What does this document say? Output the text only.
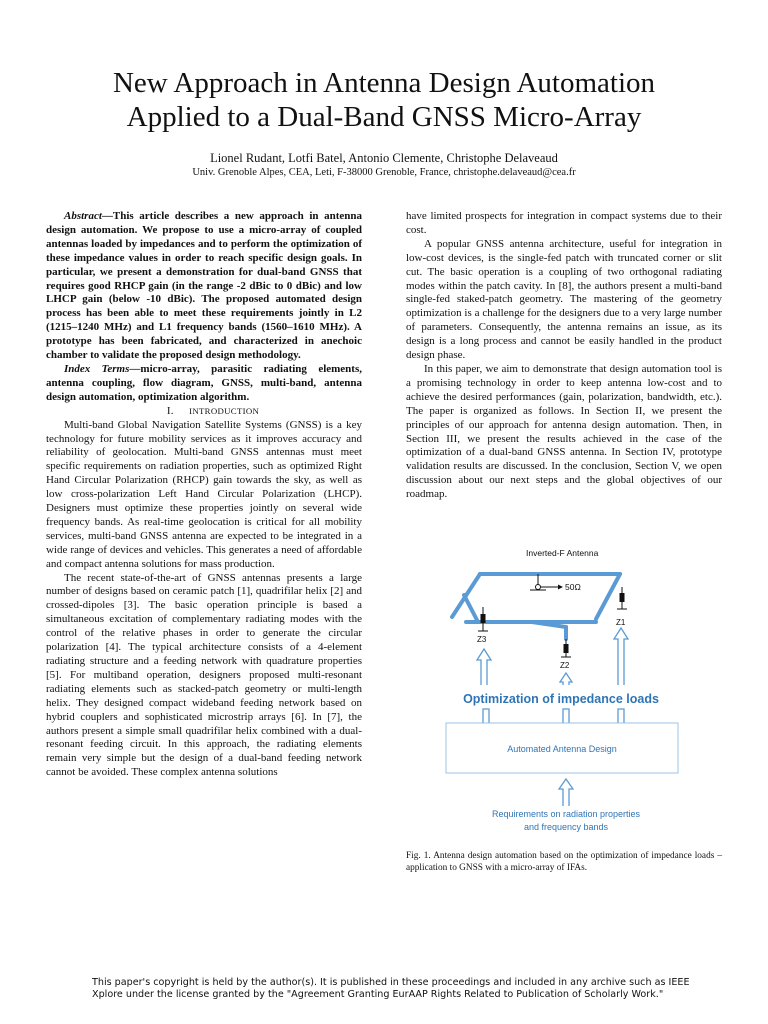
New Approach in Antenna Design Automation
Applied to a Dual-Band GNSS Micro-Array
Lionel Rudant, Lotfi Batel, Antonio Clemente, Christophe Delaveaud
Univ. Grenoble Alpes, CEA, Leti, F-38000 Grenoble, France, christophe.delaveaud@cea.fr

Abstract—This article describes a new approach in antenna design automation. We propose to use a micro-array of coupled antennas loaded by impedances and to perform the optimization of these impedance values in order to reach specific design goals. In particular, we present a demonstration for dual-band GNSS that requires good RHCP gain (in the range -2 dBic to 0 dBic) and low LHCP gain (below -10 dBic). The proposed automated design process has been able to meet these requirements jointly in L2 (1215–1240 MHz) and L1 frequency bands (1560–1610 MHz). A prototype has been fabricated, and characterized in anechoic chamber to validate the proposed design methodology.

Index Terms—micro-array, parasitic radiating elements, antenna coupling, flow diagram, GNSS, multi-band, antenna design automation, optimization algorithm.

I. INTRODUCTION

Multi-band Global Navigation Satellite Systems (GNSS) is a key technology for future mobility services as it improves accuracy and reliability of geolocation. Multi-band GNSS antennas must meet specific requirements on radiation properties, such as optimized Right Hand Circular Polarization (RHCP) gain towards the sky, as well as low cross-polarization Left Hand Circular Polarization (LHCP). Designers must optimize these properties jointly on several wide frequency bands. As real-time geolocation is critical for all mobility services, multi-band GNSS antenna are expected to be integrated in a wide range of devices and vehicles. This generates a need of affordable and compact antenna solutions for mass production.

The recent state-of-the-art of GNSS antennas presents a large number of designs based on ceramic patch [1], quadrifilar helix [2] and crossed-dipoles [3]. The basic operation principle is based a simultaneous excitation of complementary radiating modes with the control of the relative phases in order to generate the circular polarization [4]. The typical architecture consists of a 4-element radiating structure and a feeding network with quadrature properties [5]. For multiband operation, designers proposed multi-resonant radiating elements such as stacked-patch geometry or multi-length helix. They designed compact wideband feeding network based on hybrid couplers and sophisticated microstrip arrays [6]. In [7], the authors present a simple small quadrifilar helix combined with a dual-resonant feeding circuit. In this approach, the radiating elements remain very simple but the design of a dual-band feeding network cannot be avoided. These complex antenna solutions

have limited prospects for integration in compact systems due to their cost.

A popular GNSS antenna architecture, useful for integration in low-cost devices, is the single-fed patch with truncated corner or slit cut. The basic operation is a coupling of two orthogonal radiating modes within the patch cavity. In [8], the authors present a multi-band single-fed staked-patch geometry. The mastering of the geometry optimization is a challenge for the designers due to a very large number of parameters. Consequently, the antenna remains an issue, as its design is a long process and cannot be easily handled in the product design phase.

In this paper, we aim to demonstrate that design automation tool is a promising technology in order to keep antenna low-cost and to achieve the desired performances (gain, polarization, bandwidth, etc.). The paper is organized as follows. In Section II, we present the principles of our approach for antenna design automation. Then, in Section III, we present the results achieved in the case of the optimization of a dual-band GNSS antenna. In Section IV, prototype validation results are discussed. In the conclusion, Section V, we open discussion about our next steps and the global objectives of our roadmap.

Inverted-F Antenna
50Ω
Z3
Z2
Z1
Optimization of impedance loads
Automated Antenna Design
Requirements on radiation properties
and frequency bands
Fig. 1. Antenna design automation based on the optimization of impedance loads – application to GNSS with a micro-array of IFAs.
This paper's copyright is held by the author(s). It is published in these proceedings and included in any archive such as IEEE Xplore under the license granted by the "Agreement Granting EurAAP Rights Related to Publication of Scholarly Work."
